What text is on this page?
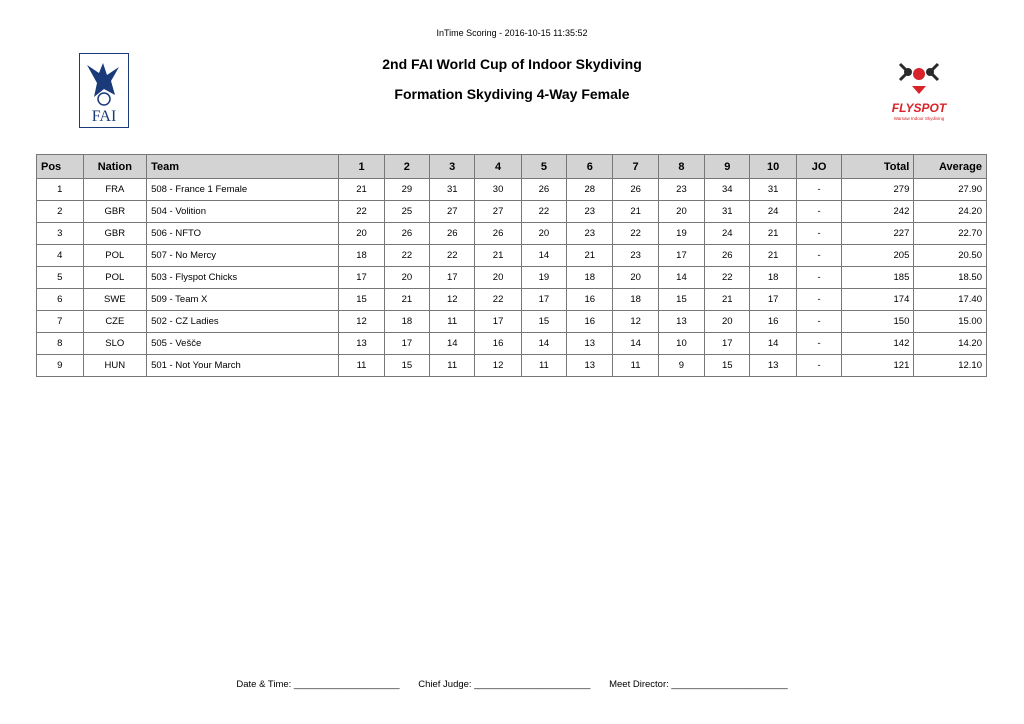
InTime Scoring - 2016-10-15 11:35:52
2nd FAI World Cup of Indoor Skydiving
Formation Skydiving 4-Way Female
FAI	FLYSPOT
Warsaw Indoor Skydiving
Pos	Nation	Team	1	2	3	4	5	6	7	8	9	10	JO	Total	Average
1	FRA	508 - France 1 Female	21	29	31	30	26	28	26	23	34	31	-	279	27.90
2	GBR	504 - Volition	22	25	27	27	22	23	21	20	31	24	-	242	24.20
3	GBR	506 - NFTO	20	26	26	26	20	23	22	19	24	21	-	227	22.70
4	POL	507 - No Mercy	18	22	22	21	14	21	23	17	26	21	-	205	20.50
5	POL	503 - Flyspot Chicks	17	20	17	20	19	18	20	14	22	18	-	185	18.50
6	SWE	509 - Team X	15	21	12	22	17	16	18	15	21	17	-	174	17.40
7	CZE	502 - CZ Ladies	12	18	11	17	15	16	12	13	20	16	-	150	15.00
8	SLO	505 - Vešče	13	17	14	16	14	13	14	10	17	14	-	142	14.20
9	HUN	501 - Not Your March	11	15	11	12	11	13	11	9	15	13	-	121	12.10
Date & Time: ____________________ Chief Judge: ______________________ Meet Director: ______________________
